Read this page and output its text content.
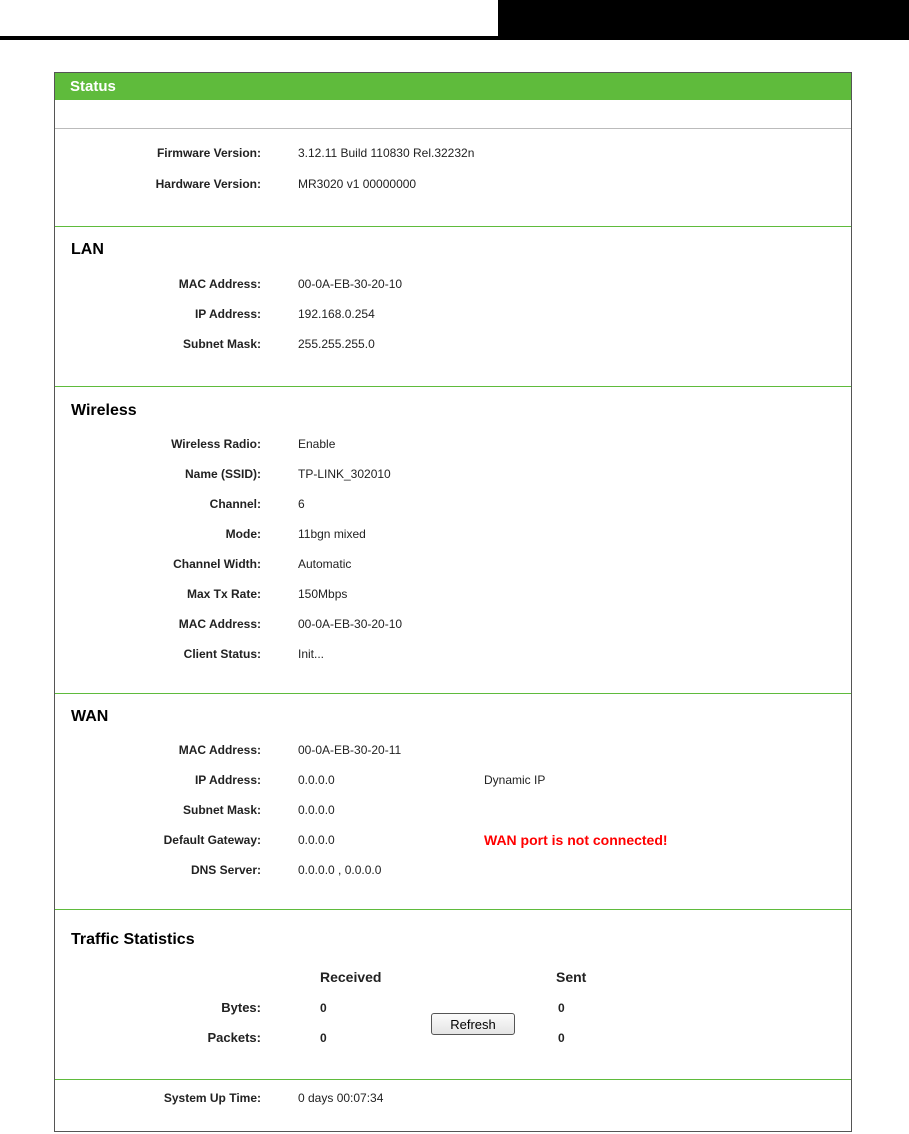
Status
Firmware Version:	3.12.11 Build 110830 Rel.32232n
Hardware Version:	MR3020 v1 00000000
LAN
MAC Address:	00-0A-EB-30-20-10
IP Address:	192.168.0.254
Subnet Mask:	255.255.255.0
Wireless
Wireless Radio:	Enable
Name (SSID):	TP-LINK_302010
Channel:	6
Mode:	11bgn mixed
Channel Width:	Automatic
Max Tx Rate:	150Mbps
MAC Address:	00-0A-EB-30-20-10
Client Status:	Init...
WAN
MAC Address:	00-0A-EB-30-20-11
IP Address:	0.0.0.0	Dynamic IP
Subnet Mask:	0.0.0.0
Default Gateway:	0.0.0.0	WAN port is not connected!
DNS Server:	0.0.0.0 , 0.0.0.0
Traffic Statistics
Received	Sent
Bytes:	0	0
Packets:	0	0
System Up Time:	0 days 00:07:34
Refresh
